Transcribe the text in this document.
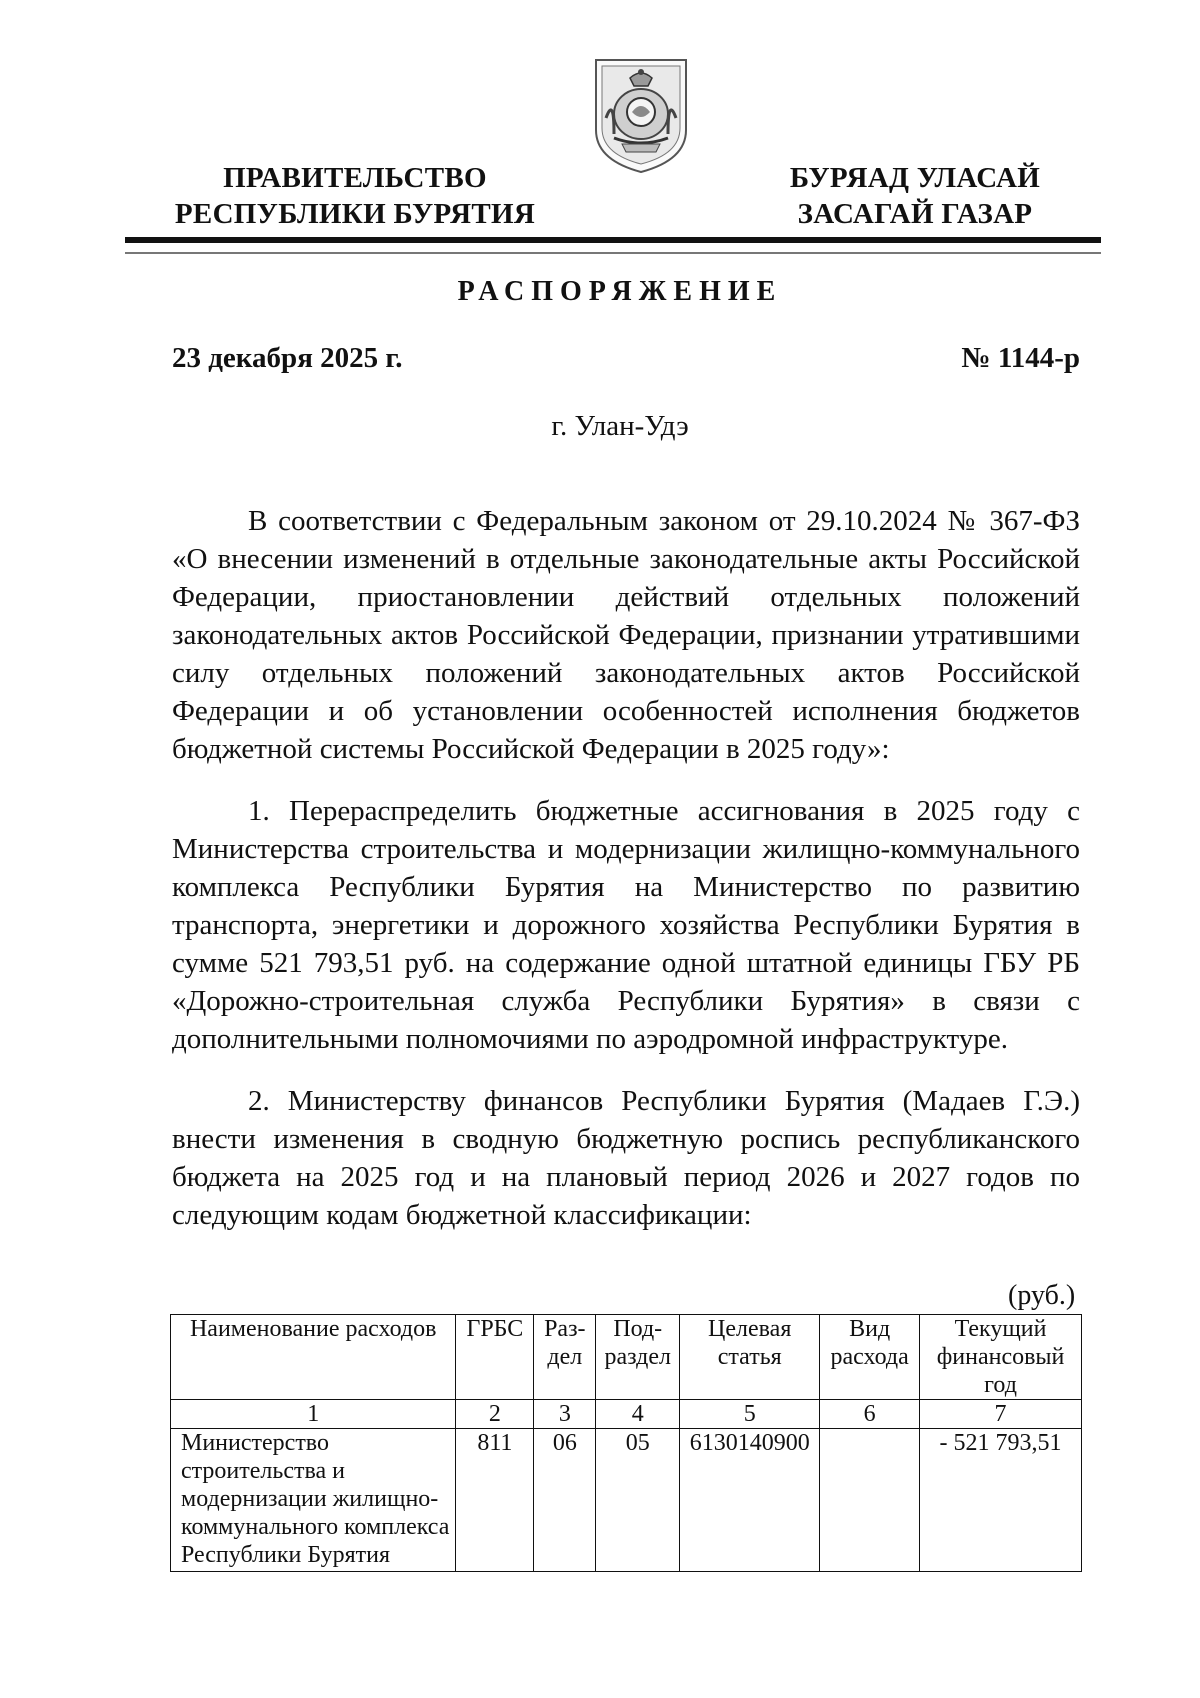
ПРАВИТЕЛЬСТВО
РЕСПУБЛИКИ БУРЯТИЯ
БУРЯАД УЛАСАЙ
ЗАСАГАЙ ГАЗАР
РАСПОРЯЖЕНИЕ
23 декабря 2025 г.	№ 1144-р
г. Улан-Удэ

В соответствии с Федеральным законом от 29.10.2024 № 367-ФЗ «О внесении изменений в отдельные законодательные акты Российской Федерации, приостановлении действий отдельных положений законодательных актов Российской Федерации, признании утратившими силу отдельных положений законодательных актов Российской Федерации и об установлении особенностей исполнения бюджетов бюджетной системы Российской Федерации в 2025 году»:

1. Перераспределить бюджетные ассигнования в 2025 году с Министерства строительства и модернизации жилищно-коммунального комплекса Республики Бурятия на Министерство по развитию транспорта, энергетики и дорожного хозяйства Республики Бурятия в сумме 521 793,51 руб. на содержание одной штатной единицы ГБУ РБ «Дорожно-строительная служба Республики Бурятия» в связи с дополнительными полномочиями по аэродромной инфраструктуре.

2. Министерству финансов Республики Бурятия (Мадаев Г.Э.) внести изменения в сводную бюджетную роспись республиканского бюджета на 2025 год и на плановый период 2026 и 2027 годов по следующим кодам бюджетной классификации:

(руб.)
Наименование расходов	ГРБС	Раз-дел	Под-раздел	Целевая статья	Вид расхода	Текущий финансовый год
1	2	3	4	5	6	7
Министерство строительства и модернизации жилищно-коммунального комплекса Республики Бурятия	811	06	05	6130140900		- 521 793,51
